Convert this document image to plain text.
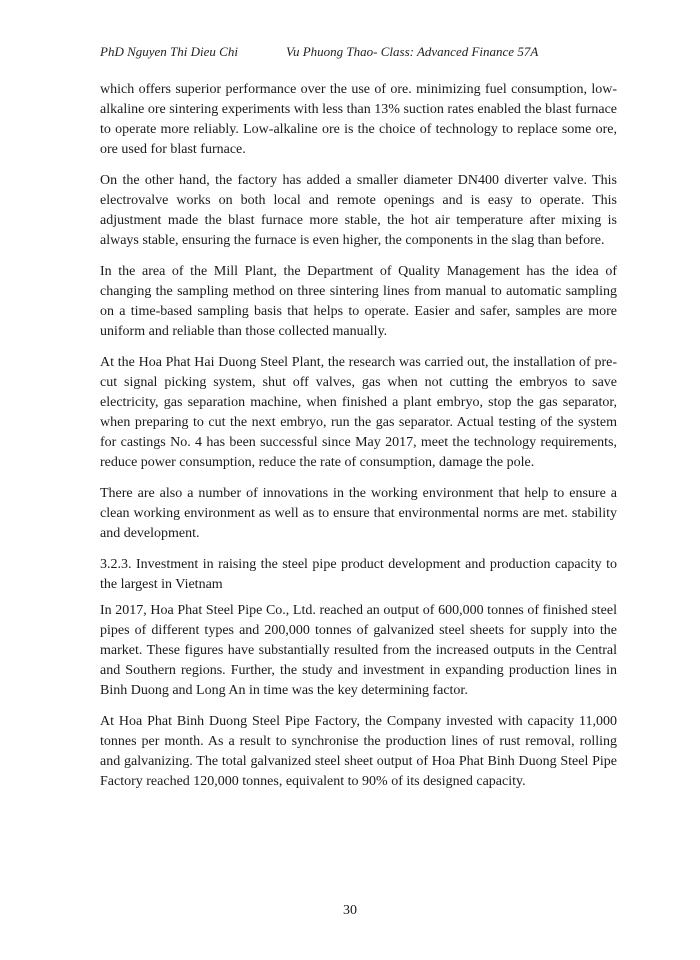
PhD Nguyen Thi Dieu Chi	Vu Phuong Thao- Class: Advanced Finance 57A

which offers superior performance over the use of ore. minimizing fuel consumption, low-alkaline ore sintering experiments with less than 13% suction rates enabled the blast furnace to operate more reliably. Low-alkaline ore is the choice of technology to replace some ore, ore used for blast furnace.

On the other hand, the factory has added a smaller diameter DN400 diverter valve. This electrovalve works on both local and remote openings and is easy to operate. This adjustment made the blast furnace more stable, the hot air temperature after mixing is always stable, ensuring the furnace is even higher, the components in the slag than before.

In the area of the Mill Plant, the Department of Quality Management has the idea of changing the sampling method on three sintering lines from manual to automatic sampling on a time-based sampling basis that helps to operate. Easier and safer, samples are more uniform and reliable than those collected manually.

At the Hoa Phat Hai Duong Steel Plant, the research was carried out, the installation of pre-cut signal picking system, shut off valves, gas when not cutting the embryos to save electricity, gas separation machine, when finished a plant embryo, stop the gas separator, when preparing to cut the next embryo, run the gas separator. Actual testing of the system for castings No. 4 has been successful since May 2017, meet the technology requirements, reduce power consumption, reduce the rate of consumption, damage the pole.

There are also a number of innovations in the working environment that help to ensure a clean working environment as well as to ensure that environmental norms are met. stability and development.

3.2.3. Investment in raising the steel pipe product development and production capacity to the largest in Vietnam

In 2017, Hoa Phat Steel Pipe Co., Ltd. reached an output of 600,000 tonnes of finished steel pipes of different types and 200,000 tonnes of galvanized steel sheets for supply into the market. These figures have substantially resulted from the increased outputs in the Central and Southern regions. Further, the study and investment in expanding production lines in Binh Duong and Long An in time was the key determining factor.

At Hoa Phat Binh Duong Steel Pipe Factory, the Company invested with capacity 11,000 tonnes per month. As a result to synchronise the production lines of rust removal, rolling and galvanizing. The total galvanized steel sheet output of Hoa Phat Binh Duong Steel Pipe Factory reached 120,000 tonnes, equivalent to 90% of its designed capacity.

30
